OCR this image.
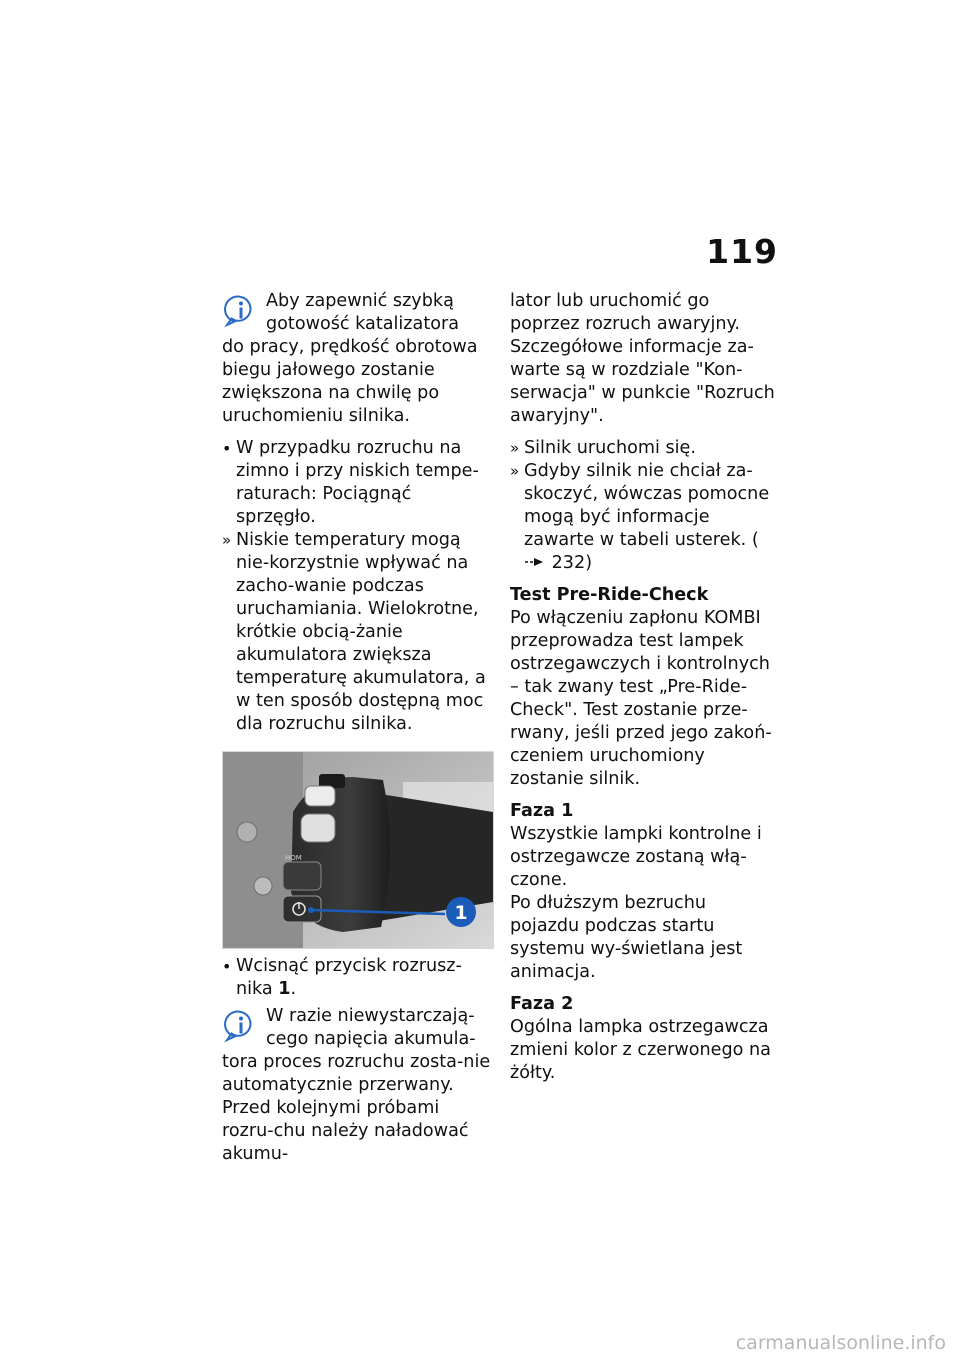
119

Aby zapewnić szybką

gotowość katalizatora

do pracy, prędkość obrotowa biegu jałowego zostanie zwiększona na chwilę po uruchomieniu silnika.

• W przypadku rozruchu na zimno i przy niskich tempe-raturach: Pociągnąć sprzęgło.

» Niskie temperatury mogą nie-korzystnie wpływać na zacho-wanie podczas uruchamiania. Wielokrotne, krótkie obcią-żanie akumulatora zwiększa temperaturę akumulatora, a w ten sposób dostępną moc dla rozruchu silnika.

HOM
1
• Wcisnąć przycisk rozrusz-nika 1.

W razie niewystarczają-

cego napięcia akumula-

tora proces rozruchu zosta-nie automatycznie przerwany. Przed kolejnymi próbami rozru-chu należy naładować akumu-

lator lub uruchomić go poprzez rozruch awaryjny.

Szczegółowe informacje za-warte są w rozdziale "Kon-serwacja" w punkcie "Rozruch awaryjny".

» Silnik uruchomi się.

» Gdyby silnik nie chciał za-skoczyć, wówczas pomocne mogą być informacje zawarte w tabeli usterek. ( 232)

Test Pre-Ride-Check

Po włączeniu zapłonu KOMBI przeprowadza test lampek ostrzegawczych i kontrolnych – tak zwany test „Pre-Ride-Check". Test zostanie prze-rwany, jeśli przed jego zakoń-czeniem uruchomiony zostanie silnik.

Faza 1

Wszystkie lampki kontrolne i ostrzegawcze zostaną włą-czone.

Po dłuższym bezruchu pojazdu podczas startu systemu wy-świetlana jest animacja.

Faza 2

Ogólna lampka ostrzegawcza zmieni kolor z czerwonego na żółty.

carmanualsonline.info
